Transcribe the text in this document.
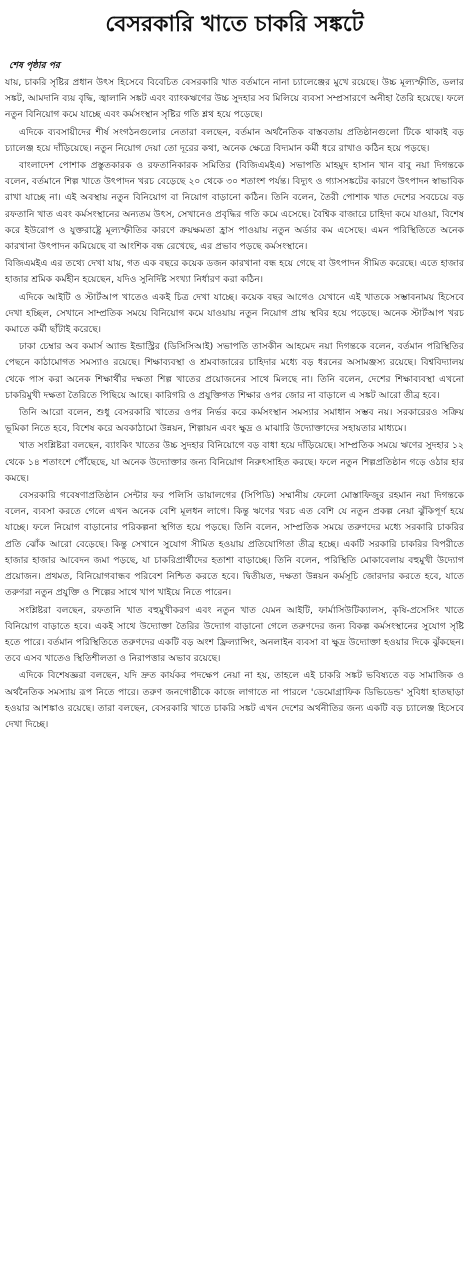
বেসরকারি খাতে চাকরি সঙ্কটে
শেষ পৃষ্ঠার পর

যায়, চাকরি সৃষ্টির প্রধান উৎস হিসেবে বিবেচিত বেসরকারি খাত বর্তমানে নানা চ্যালেঞ্জের মুখে রয়েছে। উচ্চ মূল্যস্ফীতি, ডলার সঙ্কট, আমদানি ব্যয় বৃদ্ধি, জ্বালানি সঙ্কট এবং ব্যাংকঋণের উচ্চ সুদহার সব মিলিয়ে ব্যবসা সম্প্রসারণে অনীহা তৈরি হয়েছে। ফলে নতুন বিনিয়োগ কমে যাচ্ছে এবং কর্মসংস্থান সৃষ্টির গতি শ্লথ হয়ে পড়েছে।

এদিকে ব্যবসায়ীদের শীর্ষ সংগঠনগুলোর নেতারা বলছেন, বর্তমান অর্থনৈতিক বাস্তবতায় প্রতিষ্ঠানগুলো টিকে থাকাই বড় চ্যালেঞ্জ হয়ে দাঁড়িয়েছে। নতুন নিয়োগ দেয়া তো দূরের কথা, অনেক ক্ষেত্রে বিদ্যমান কর্মী ধরে রাখাও কঠিন হয়ে পড়ছে।

বাংলাদেশ পোশাক প্রস্তুতকারক ও রফতানিকারক সমিতির (বিজিএমইএ) সভাপতি মাহমুদ হাসান খান বাবু নয়া দিগন্তকে বলেন, বর্তমানে শিল্প খাতে উৎপাদন খরচ বেড়েছে ২০ থেকে ৩০ শতাংশ পর্যন্ত। বিদ্যুৎ ও গ্যাসসঙ্কটের কারণে উৎপাদন স্বাভাবিক রাখা যাচ্ছে না। এই অবস্থায় নতুন বিনিয়োগ বা নিয়োগ বাড়ানো কঠিন। তিনি বলেন, তৈরী পোশাক খাত দেশের সবচেয়ে বড় রফতানি খাত এবং কর্মসংস্থানের অন্যতম উৎস, সেখানেও প্রবৃদ্ধির গতি কমে এসেছে। বৈশ্বিক বাজারে চাহিদা কমে যাওয়া, বিশেষ করে ইউরোপ ও যুক্তরাষ্ট্রে মূল্যস্ফীতির কারণে ক্রয়ক্ষমতা হ্রাস পাওয়ায় নতুন অর্ডার কম এসেছে। এমন পরিস্থিতিতে অনেক কারখানা উৎপাদন কমিয়েছে বা আংশিক বন্ধ রেখেছে, এর প্রভাব পড়ছে কর্মসংস্থানে।

বিজিএমইএ এর তথ্যে দেখা যায়, গত এক বছরে কয়েক ডজন কারখানা বন্ধ হয়ে গেছে বা উৎপাদন সীমিত করেছে। এতে হাজার হাজার শ্রমিক কর্মহীন হয়েছেন, যদিও সুনির্দিষ্ট সংখ্যা নির্ধারণ করা কঠিন।

এদিকে আইটি ও স্টার্টআপ খাতেও একই চিত্র দেখা যাচ্ছে। কয়েক বছর আগেও যেখানে এই খাতকে সম্ভাবনাময় হিসেবে দেখা হচ্ছিল, সেখানে সাম্প্রতিক সময়ে বিনিয়োগ কমে যাওয়ায় নতুন নিয়োগ প্রায় স্থবির হয়ে পড়েছে। অনেক স্টার্টআপ খরচ কমাতে কর্মী ছাঁটাই করেছে।

ঢাকা চেম্বার অব কমার্স অ্যান্ড ইন্ডাস্ট্রির (ডিসিসিআই) সভাপতি তাসকীন আহমেদ নয়া দিগন্তকে বলেন, বর্তমান পরিস্থিতির পেছনে কাঠামোগত সমস্যাও রয়েছে। শিক্ষাব্যবস্থা ও শ্রমবাজারের চাহিদার মধ্যে বড় ধরনের অসামঞ্জস্য রয়েছে। বিশ্ববিদ্যালয় থেকে পাস করা অনেক শিক্ষার্থীর দক্ষতা শিল্প খাতের প্রয়োজনের সাথে মিলছে না। তিনি বলেন, দেশের শিক্ষাব্যবস্থা এখনো চাকরিমুখী দক্ষতা তৈরিতে পিছিয়ে আছে। কারিগরি ও প্রযুক্তিগত শিক্ষার ওপর জোর না বাড়ালে এ সঙ্কট আরো তীব্র হবে।

তিনি আরো বলেন, শুধু বেসরকারি খাতের ওপর নির্ভর করে কর্মসংস্থান সমস্যার সমাধান সম্ভব নয়। সরকারেরও সক্রিয় ভূমিকা নিতে হবে, বিশেষ করে অবকাঠামো উন্নয়ন, শিল্পায়ন এবং ক্ষুদ্র ও মাঝারি উদ্যোক্তাদের সহায়তার মাধ্যমে।

খাত সংশ্লিষ্টরা বলছেন, ব্যাংকিং খাতের উচ্চ সুদহার বিনিয়োগে বড় বাধা হয়ে দাঁড়িয়েছে। সাম্প্রতিক সময়ে ঋণের সুদহার ১২ থেকে ১৪ শতাংশে পৌঁছেছে, যা অনেক উদ্যোক্তার জন্য বিনিয়োগ নিরুৎসাহিত করছে। ফলে নতুন শিল্পপ্রতিষ্ঠান গড়ে ওঠার হার কমছে।

বেসরকারি গবেষণাপ্রতিষ্ঠান সেন্টার ফর পলিসি ডায়ালগের (সিপিডি) সম্মানীয় ফেলো মোস্তাফিজুর রহমান নয়া দিগন্তকে বলেন, ব্যবসা করতে গেলে এখন অনেক বেশি মূলধন লাগে। কিন্তু ঋণের খরচ এত বেশি যে নতুন প্রকল্প নেয়া ঝুঁকিপূর্ণ হয়ে যাচ্ছে। ফলে নিয়োগ বাড়ানোর পরিকল্পনা স্থগিত হয়ে পড়ছে। তিনি বলেন, সাম্প্রতিক সময়ে তরুণদের মধ্যে সরকারি চাকরির প্রতি ঝোঁক আরো বেড়েছে। কিন্তু সেখানে সুযোগ সীমিত হওয়ায় প্রতিযোগিতা তীব্র হচ্ছে। একটি সরকারি চাকরির বিপরীতে হাজার হাজার আবেদন জমা পড়ছে, যা চাকরিপ্রার্থীদের হতাশা বাড়াচ্ছে। তিনি বলেন, পরিস্থিতি মোকাবেলায় বহুমুখী উদ্যোগ প্রয়োজন। প্রথমত, বিনিয়োগবান্ধব পরিবেশ নিশ্চিত করতে হবে। দ্বিতীয়ত, দক্ষতা উন্নয়ন কর্মসূচি জোরদার করতে হবে, যাতে তরুণরা নতুন প্রযুক্তি ও শিল্পের সাথে খাপ খাইয়ে নিতে পারেন।

সংশ্লিষ্টরা বলছেন, রফতানি খাত বহুমুখীকরণ এবং নতুন খাত যেমন আইটি, ফার্মাসিউটিক্যালস, কৃষি-প্রসেসিং খাতে বিনিয়োগ বাড়াতে হবে। একই সাথে উদ্যোক্তা তৈরির উদ্যোগ বাড়ানো গেলে তরুণদের জন্য বিকল্প কর্মসংস্থানের সুযোগ সৃষ্টি হতে পারে। বর্তমান পরিস্থিতিতে তরুণদের একটি বড় অংশ ফ্রিল্যান্সিং, অনলাইন ব্যবসা বা ক্ষুদ্র উদ্যোক্তা হওয়ার দিকে ঝুঁকছেন। তবে এসব খাতেও স্থিতিশীলতা ও নিরাপত্তার অভাব রয়েছে।

এদিকে বিশেষজ্ঞরা বলছেন, যদি দ্রুত কার্যকর পদক্ষেপ নেয়া না হয়, তাহলে এই চাকরি সঙ্কট ভবিষ্যতে বড় সামাজিক ও অর্থনৈতিক সমস্যায় রূপ নিতে পারে। তরুণ জনগোষ্ঠীকে কাজে লাগাতে না পারলে 'ডেমোগ্রাফিক ডিভিডেন্ড' সুবিধা হাতছাড়া হওয়ার আশঙ্কাও রয়েছে। তারা বলছেন, বেসরকারি খাতে চাকরি সঙ্কট এখন দেশের অর্থনীতির জন্য একটি বড় চ্যালেঞ্জ হিসেবে দেখা দিচ্ছে।
